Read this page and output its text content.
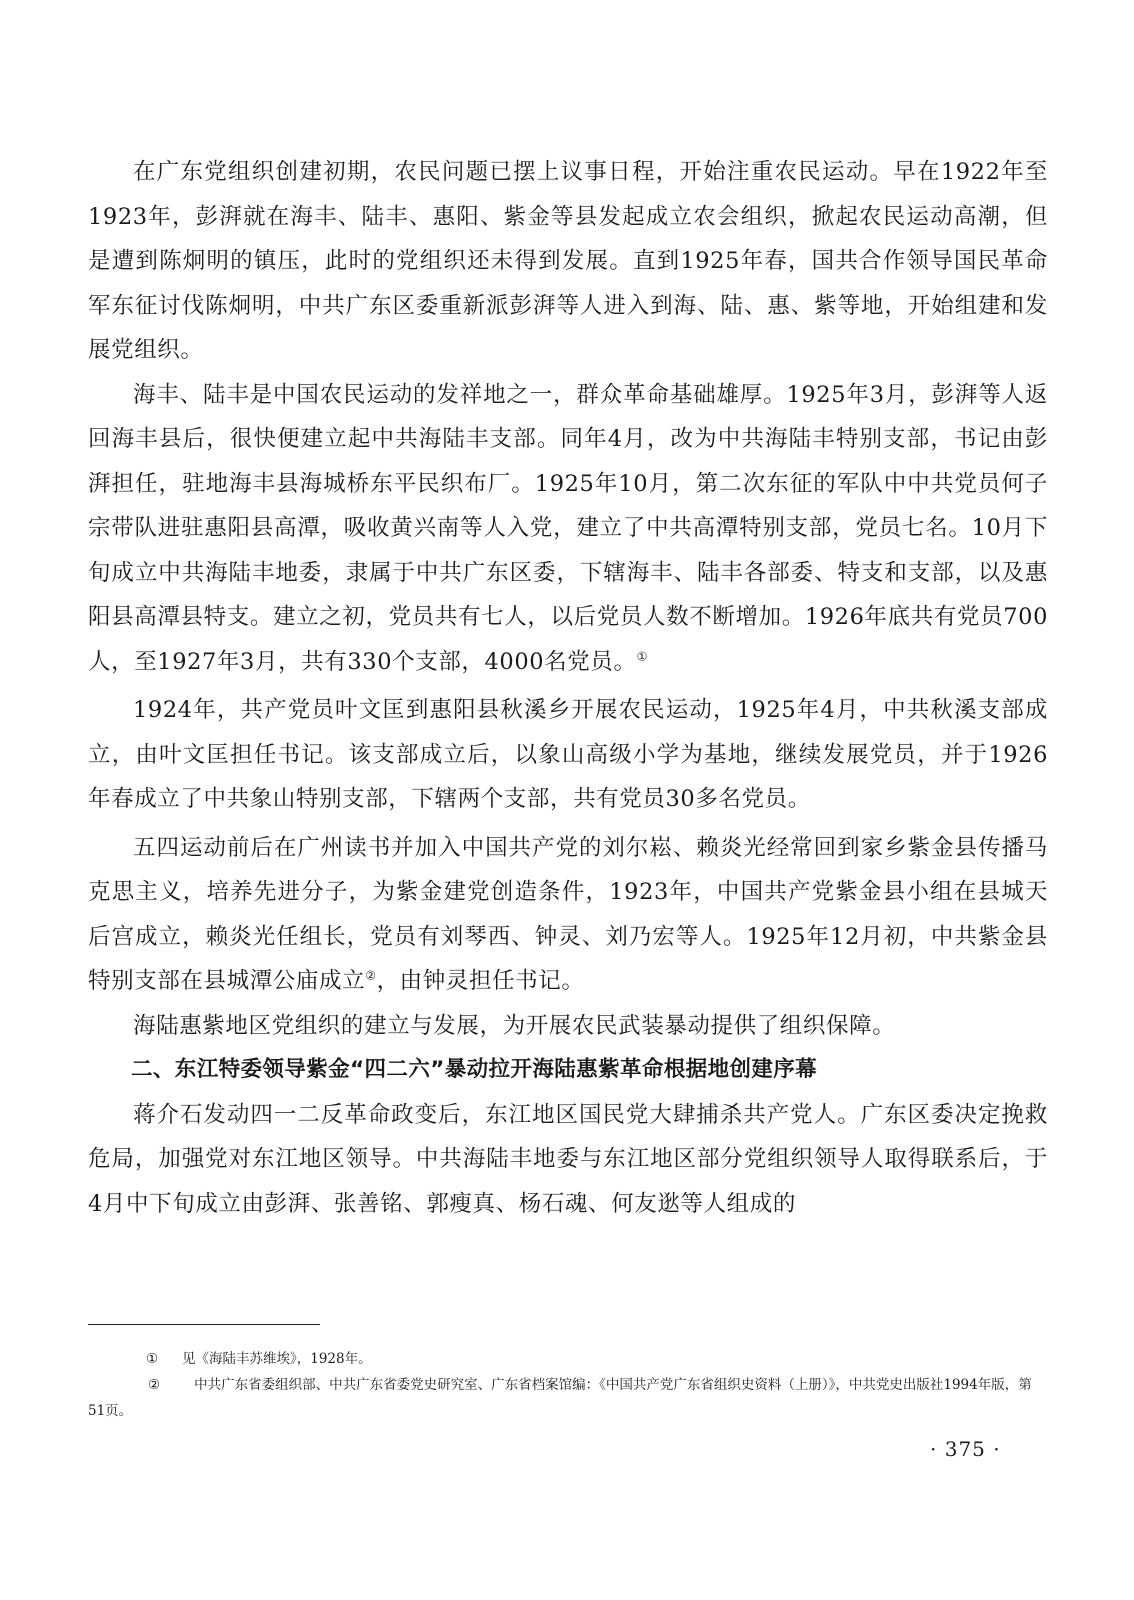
在广东党组织创建初期，农民问题已摆上议事日程，开始注重农民运动。早在1922年至1923年，彭湃就在海丰、陆丰、惠阳、紫金等县发起成立农会组织，掀起农民运动高潮，但是遭到陈炯明的镇压，此时的党组织还未得到发展。直到1925年春，国共合作领导国民革命军东征讨伐陈炯明，中共广东区委重新派彭湃等人进入到海、陆、惠、紫等地，开始组建和发展党组织。

海丰、陆丰是中国农民运动的发祥地之一，群众革命基础雄厚。1925年3月，彭湃等人返回海丰县后，很快便建立起中共海陆丰支部。同年4月，改为中共海陆丰特别支部，书记由彭湃担任，驻地海丰县海城桥东平民织布厂。1925年10月，第二次东征的军队中中共党员何子宗带队进驻惠阳县高潭，吸收黄兴南等人入党，建立了中共高潭特别支部，党员七名。10月下旬成立中共海陆丰地委，隶属于中共广东区委，下辖海丰、陆丰各部委、特支和支部，以及惠阳县高潭县特支。建立之初，党员共有七人，以后党员人数不断增加。1926年底共有党员700人，至1927年3月，共有330个支部，4000名党员。①

1924年，共产党员叶文匡到惠阳县秋溪乡开展农民运动，1925年4月，中共秋溪支部成立，由叶文匡担任书记。该支部成立后，以象山高级小学为基地，继续发展党员，并于1926年春成立了中共象山特别支部，下辖两个支部，共有党员30多名党员。

五四运动前后在广州读书并加入中国共产党的刘尔崧、赖炎光经常回到家乡紫金县传播马克思主义，培养先进分子，为紫金建党创造条件，1923年，中国共产党紫金县小组在县城天后宫成立，赖炎光任组长，党员有刘琴西、钟灵、刘乃宏等人。1925年12月初，中共紫金县特别支部在县城潭公庙成立②，由钟灵担任书记。

海陆惠紫地区党组织的建立与发展，为开展农民武装暴动提供了组织保障。

二、东江特委领导紫金“四二六”暴动拉开海陆惠紫革命根据地创建序幕

蒋介石发动四一二反革命政变后，东江地区国民党大肆捕杀共产党人。广东区委决定挽救危局，加强党对东江地区领导。中共海陆丰地委与东江地区部分党组织领导人取得联系后，于4月中下旬成立由彭湃、张善铭、郭瘦真、杨石魂、何友逖等人组成的

① 见《海陆丰苏维埃》，1928年。

②	中共广东省委组织部、中共广东省委党史研究室、广东省档案馆编：《中国共产党广东省组织史资料（上册）》，中共党史出版社1994年版，第51页。

· 375 ·
